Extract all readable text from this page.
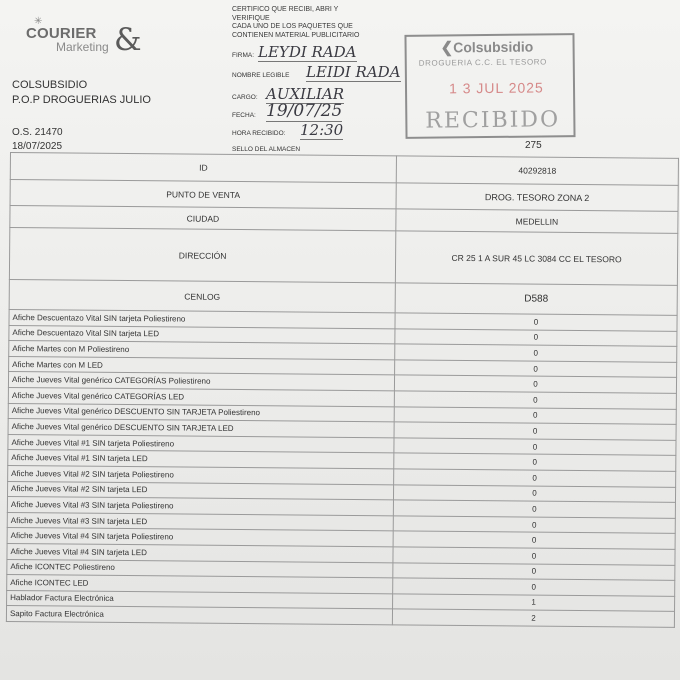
✳
COURIER
Marketing &
COLSUBSIDIO
P.O.P DROGUERIAS JULIO
O.S. 21470
18/07/2025
CERTIFICO QUE RECIBI, ABRI Y
VERIFIQUE
CADA UNO DE LOS PAQUETES QUE
CONTIENEN MATERIAL PUBLICITARIO
FIRMA: LEYDI RADA
NOMBRE LEGIBLE LEIDI RADA
CARGO: AUXILIAR
FECHA: 19/07/25
HORA RECIBIDO: 12:30
SELLO DEL ALMACEN	275
❮Colsubsidio
DROGUERIA C.C. EL TESORO
1 3 JUL 2025
RECIBIDO
ID	40292818
PUNTO DE VENTA	DROG. TESORO ZONA 2
CIUDAD	MEDELLIN
DIRECCIÓN	CR 25 1 A SUR 45 LC 3084 CC EL TESORO
CENLOG	D588
Afiche Descuentazo Vital SIN tarjeta Poliestireno	0
Afiche Descuentazo Vital SIN tarjeta LED	0
Afiche Martes con M Poliestireno	0
Afiche Martes con M LED	0
Afiche Jueves Vital genérico CATEGORÍAS Poliestireno	0
Afiche Jueves Vital genérico CATEGORÍAS LED	0
Afiche Jueves Vital genérico DESCUENTO SIN TARJETA Poliestireno	0
Afiche Jueves Vital genérico DESCUENTO SIN TARJETA LED	0
Afiche Jueves Vital #1 SIN tarjeta Poliestireno	0
Afiche Jueves Vital #1 SIN tarjeta LED	0
Afiche Jueves Vital #2 SIN tarjeta Poliestireno	0
Afiche Jueves Vital #2 SIN tarjeta LED	0
Afiche Jueves Vital #3 SIN tarjeta Poliestireno	0
Afiche Jueves Vital #3 SIN tarjeta LED	0
Afiche Jueves Vital #4 SIN tarjeta Poliestireno	0
Afiche Jueves Vital #4 SIN tarjeta LED	0
Afiche ICONTEC Poliestireno	0
Afiche ICONTEC LED	0
Hablador Factura Electrónica	1
Sapito Factura Electrónica	2
